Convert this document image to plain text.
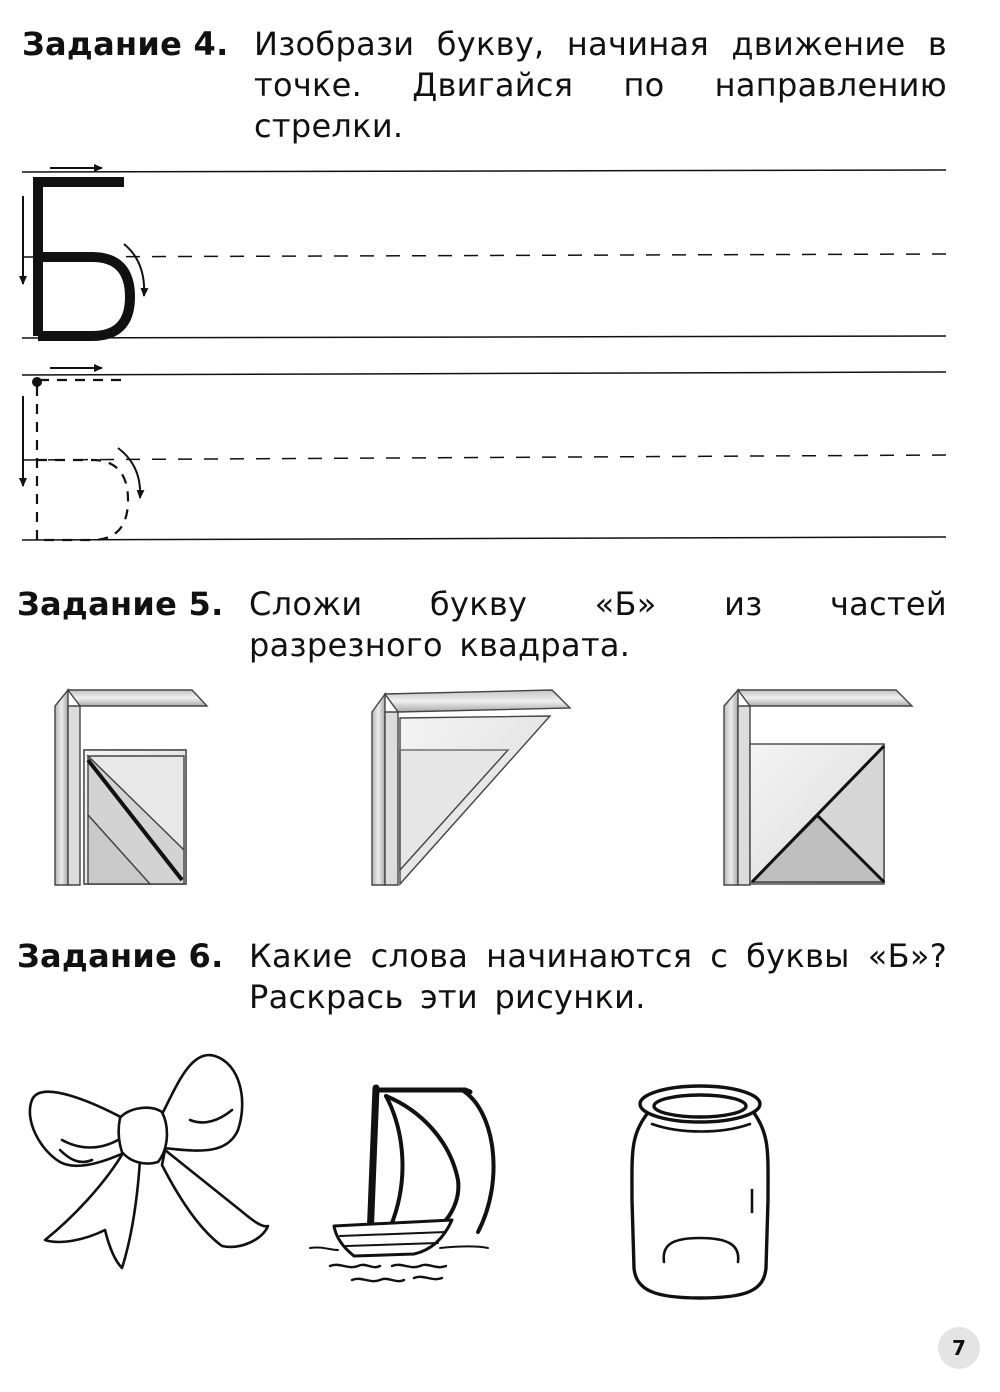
Задание 4. Изобрази букву, начиная движение в точке. Двигайся по направлению стрелки.
Задание 5. Сложи букву «Б» из частей разрезного квадрата.
Задание 6. Какие слова начинаются с буквы «Б»? Раскрась эти рисунки.
7
